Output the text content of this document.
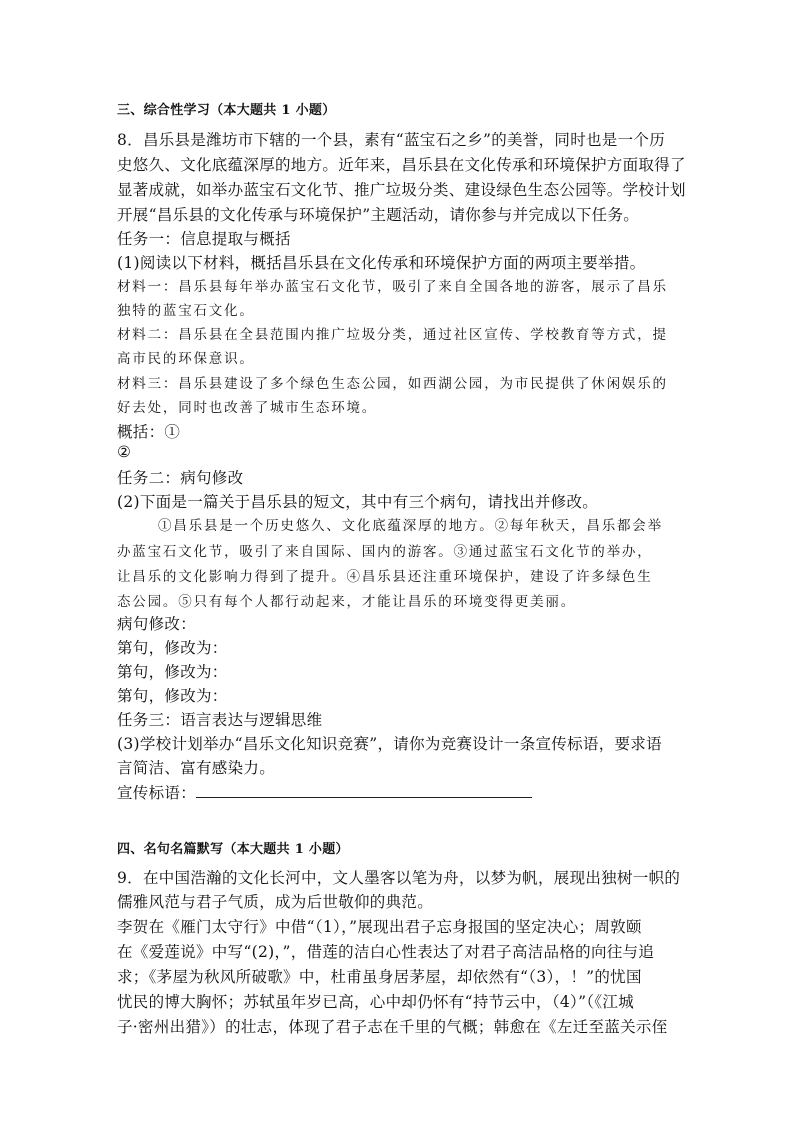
三、综合性学习（本大题共 1 小题）
8．昌乐县是潍坊市下辖的一个县，素有“蓝宝石之乡”的美誉，同时也是一个历
史悠久、文化底蕴深厚的地方。近年来，昌乐县在文化传承和环境保护方面取得了
显著成就，如举办蓝宝石文化节、推广垃圾分类、建设绿色生态公园等。学校计划
开展“昌乐县的文化传承与环境保护”主题活动，请你参与并完成以下任务。
任务一：信息提取与概括
(1)阅读以下材料，概括昌乐县在文化传承和环境保护方面的两项主要举措。
材料一：昌乐县每年举办蓝宝石文化节，吸引了来自全国各地的游客，展示了昌乐
独特的蓝宝石文化。
材料二：昌乐县在全县范围内推广垃圾分类，通过社区宣传、学校教育等方式，提
高市民的环保意识。
材料三：昌乐县建设了多个绿色生态公园，如西湖公园，为市民提供了休闲娱乐的
好去处，同时也改善了城市生态环境。
概括：①
②
任务二：病句修改
(2)下面是一篇关于昌乐县的短文，其中有三个病句，请找出并修改。
①昌乐县是一个历史悠久、文化底蕴深厚的地方。②每年秋天，昌乐都会举
办蓝宝石文化节，吸引了来自国际、国内的游客。③通过蓝宝石文化节的举办，
让昌乐的文化影响力得到了提升。④昌乐县还注重环境保护，建设了许多绿色生
态公园。⑤只有每个人都行动起来，才能让昌乐的环境变得更美丽。
病句修改：
第句，修改为：
第句，修改为：
第句，修改为：
任务三：语言表达与逻辑思维
(3)学校计划举办“昌乐文化知识竞赛”，请你为竞赛设计一条宣传标语，要求语
言简洁、富有感染力。
宣传标语：
四、名句名篇默写（本大题共 1 小题）
9．在中国浩瀚的文化长河中，文人墨客以笔为舟，以梦为帆，展现出独树一帜的
儒雅风范与君子气质，成为后世敬仰的典范。
李贺在《雁门太守行》中借“（1），”展现出君子忘身报国的坚定决心；周敦颐
在《爱莲说》中写“(2)，”，借莲的洁白心性表达了对君子高洁品格的向往与追
求；《茅屋为秋风所破歌》中，杜甫虽身居茅屋，却依然有“（3），！”的忧国
忧民的博大胸怀；苏轼虽年岁已高，心中却仍怀有“持节云中，（4）”（《江城
子·密州出猎》）的壮志，体现了君子志在千里的气概；韩愈在《左迁至蓝关示侄
